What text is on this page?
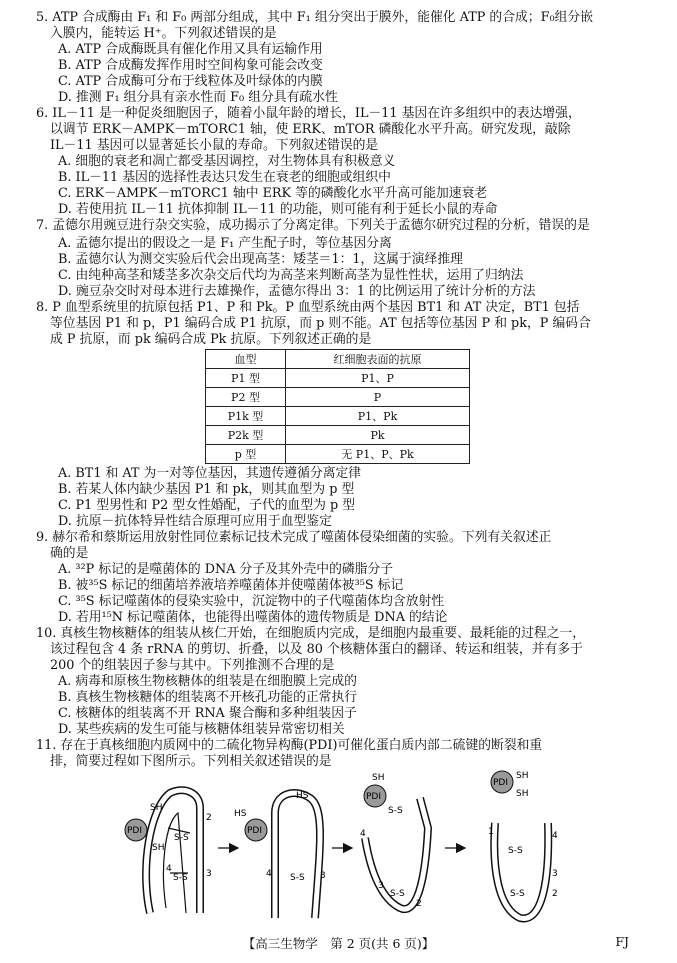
5. ATP 合成酶由 F₁ 和 F₀ 两部分组成，其中 F₁ 组分突出于膜外，能催化 ATP 的合成；F₀组分嵌
入膜内，能转运 H⁺。下列叙述错误的是
A. ATP 合成酶既具有催化作用又具有运输作用
B. ATP 合成酶发挥作用时空间构象可能会改变
C. ATP 合成酶可分布于线粒体及叶绿体的内膜
D. 推测 F₁ 组分具有亲水性而 F₀ 组分具有疏水性
6. IL－11 是一种促炎细胞因子，随着小鼠年龄的增长，IL－11 基因在许多组织中的表达增强，
以调节 ERK－AMPK－mTORC1 轴，使 ERK、mTOR 磷酸化水平升高。研究发现，敲除
IL－11 基因可以显著延长小鼠的寿命。下列叙述错误的是
A. 细胞的衰老和凋亡都受基因调控，对生物体具有积极意义
B. IL－11 基因的选择性表达只发生在衰老的细胞或组织中
C. ERK－AMPK－mTORC1 轴中 ERK 等的磷酸化水平升高可能加速衰老
D. 若使用抗 IL－11 抗体抑制 IL－11 的功能，则可能有利于延长小鼠的寿命
7. 孟德尔用豌豆进行杂交实验，成功揭示了分离定律。下列关于孟德尔研究过程的分析，错误的是
A. 孟德尔提出的假设之一是 F₁ 产生配子时，等位基因分离
B. 孟德尔认为测交实验后代会出现高茎：矮茎＝1：1，这属于演绎推理
C. 由纯种高茎和矮茎多次杂交后代均为高茎来判断高茎为显性性状，运用了归纳法
D. 豌豆杂交时对母本进行去雄操作，孟德尔得出 3：1 的比例运用了统计分析的方法
8. P 血型系统里的抗原包括 P1、P 和 Pk。P 血型系统由两个基因 BT1 和 AT 决定，BT1 包括
等位基因 P1 和 p，P1 编码合成 P1 抗原，而 p 则不能。AT 包括等位基因 P 和 pk，P 编码合
成 P 抗原，而 pk 编码合成 Pk 抗原。下列叙述正确的是
血型	红细胞表面的抗原
P1 型	P1、P
P2 型	P
P1k 型	P1、Pk
P2k 型	Pk
p 型	无 P1、P、Pk
A. BT1 和 AT 为一对等位基因，其遗传遵循分离定律
B. 若某人体内缺少基因 P1 和 pk，则其血型为 p 型
C. P1 型男性和 P2 型女性婚配，子代的血型为 p 型
D. 抗原－抗体特异性结合原理可应用于血型鉴定
9. 赫尔希和蔡斯运用放射性同位素标记技术完成了噬菌体侵染细菌的实验。下列有关叙述正
确的是
A. ³²P 标记的是噬菌体的 DNA 分子及其外壳中的磷脂分子
B. 被³⁵S 标记的细菌培养液培养噬菌体并使噬菌体被³⁵S 标记
C. ³⁵S 标记噬菌体的侵染实验中，沉淀物中的子代噬菌体均含放射性
D. 若用¹⁵N 标记噬菌体，也能得出噬菌体的遗传物质是 DNA 的结论
10. 真核生物核糖体的组装从核仁开始，在细胞质内完成，是细胞内最重要、最耗能的过程之一，
该过程包含 4 条 rRNA 的剪切、折叠，以及 80 个核糖体蛋白的翻译、转运和组装，并有多于
200 个的组装因子参与其中。下列推测不合理的是
A. 病毒和原核生物核糖体的组装是在细胞膜上完成的
B. 真核生物核糖体的组装离不开核孔功能的正常执行
C. 核糖体的组装离不开 RNA 聚合酶和多种组装因子
D. 某些疾病的发生可能与核糖体组装异常密切相关
11. 存在于真核细胞内质网中的二硫化物异构酶(PDI)可催化蛋白质内部二硫键的断裂和重
排，简要过程如下图所示。下列相关叙述错误的是
PDI
SH
SH
S-S
S-S
4	3
2
PDI
HS
HS
S-S
4	3
PDI
SH
S-S
S-S
4
3
2
PDI
SH
SH
S-S
S-S
1	4
3
2
【高三生物学　第 2 页(共 6 页)】	FJ
